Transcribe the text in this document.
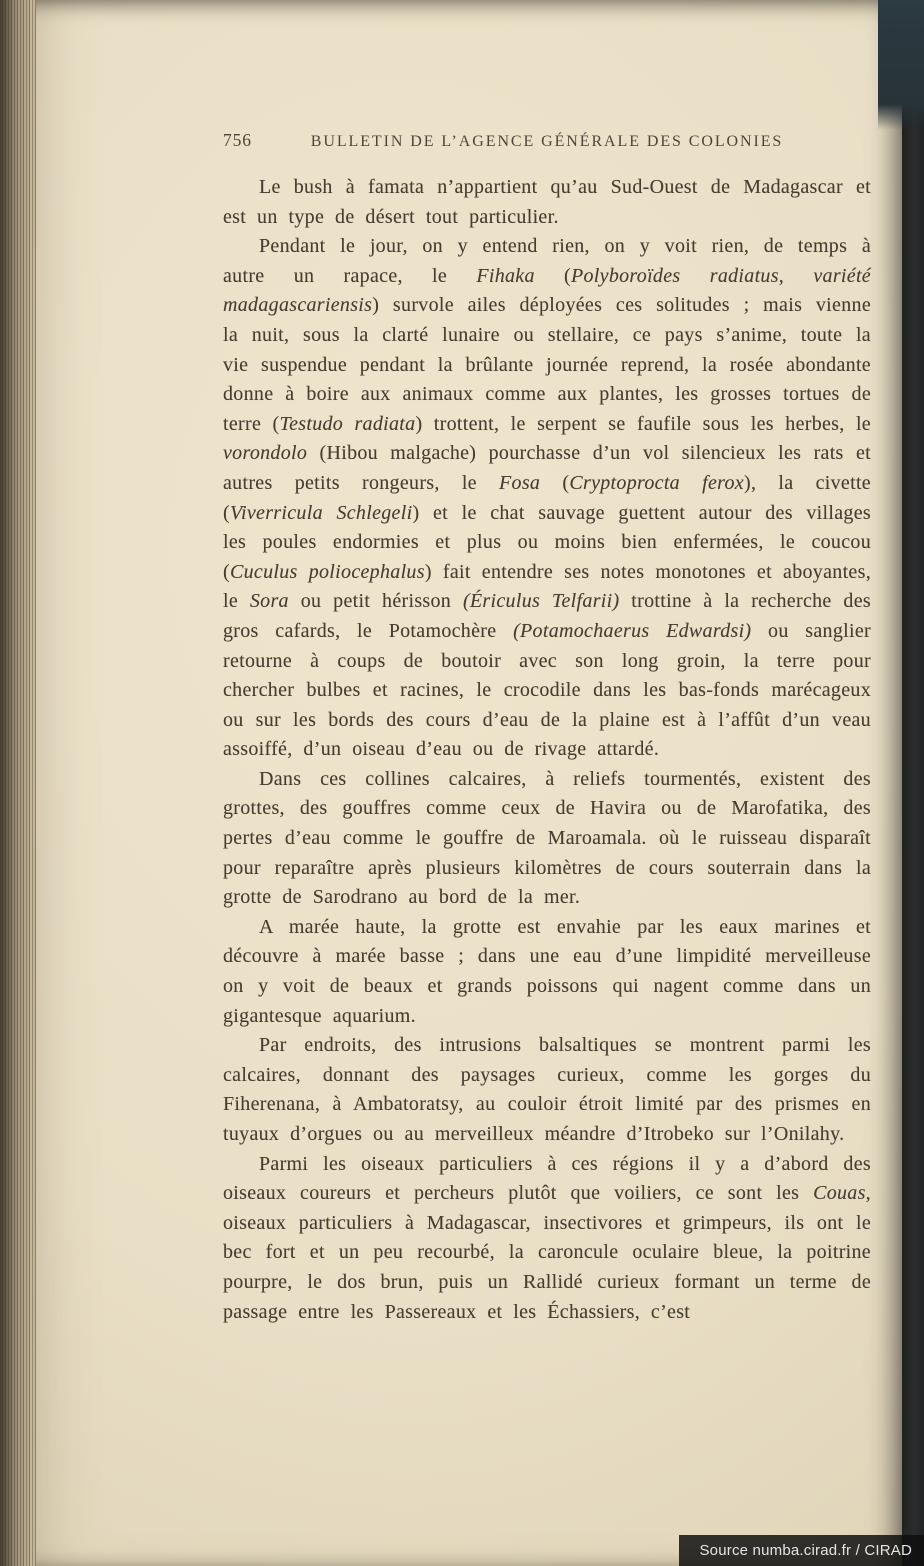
756	BULLETIN DE L’AGENCE GÉNÉRALE DES COLONIES

Le bush à famata n’appartient qu’au Sud-Ouest de Madagascar et est un type de désert tout particulier.

Pendant le jour, on y entend rien, on y voit rien, de temps à autre un rapace, le Fihaka (Polyboroïdes radiatus, variété madagascariensis) survole ailes déployées ces solitudes ; mais vienne la nuit, sous la clarté lunaire ou stellaire, ce pays s’anime, toute la vie suspendue pendant la brûlante journée reprend, la rosée abondante donne à boire aux animaux comme aux plantes, les grosses tortues de terre (Testudo radiata) trottent, le serpent se faufile sous les herbes, le vorondolo (Hibou malgache) pourchasse d’un vol silencieux les rats et autres petits rongeurs, le Fosa (Cryptoprocta ferox), la civette (Viverricula Schlegeli) et le chat sauvage guettent autour des villages les poules endormies et plus ou moins bien enfermées, le coucou (Cuculus poliocephalus) fait entendre ses notes monotones et aboyantes, le Sora ou petit hérisson (Ériculus Telfarii) trottine à la recherche des gros cafards, le Potamochère (Potamochaerus Edwardsi) ou sanglier retourne à coups de boutoir avec son long groin, la terre pour chercher bulbes et racines, le crocodile dans les bas-fonds marécageux ou sur les bords des cours d’eau de la plaine est à l’affût d’un veau assoiffé, d’un oiseau d’eau ou de rivage attardé.

Dans ces collines calcaires, à reliefs tourmentés, existent des grottes, des gouffres comme ceux de Havira ou de Marofatika, des pertes d’eau comme le gouffre de Maroamala. où le ruisseau disparaît pour reparaître après plusieurs kilomètres de cours souterrain dans la grotte de Sarodrano au bord de la mer.

A marée haute, la grotte est envahie par les eaux marines et découvre à marée basse ; dans une eau d’une limpidité merveilleuse on y voit de beaux et grands poissons qui nagent comme dans un gigantesque aquarium.

Par endroits, des intrusions balsaltiques se montrent parmi les calcaires, donnant des paysages curieux, comme les gorges du Fiherenana, à Ambatoratsy, au couloir étroit limité par des prismes en tuyaux d’orgues ou au merveilleux méandre d’Itrobeko sur l’Onilahy.

Parmi les oiseaux particuliers à ces régions il y a d’abord des oiseaux coureurs et percheurs plutôt que voiliers, ce sont les Couas, oiseaux particuliers à Madagascar, insectivores et grimpeurs, ils ont le bec fort et un peu recourbé, la caroncule oculaire bleue, la poitrine pourpre, le dos brun, puis un Rallidé curieux formant un terme de passage entre les Passereaux et les Échassiers, c’est

Source numba.cirad.fr / CIRAD
